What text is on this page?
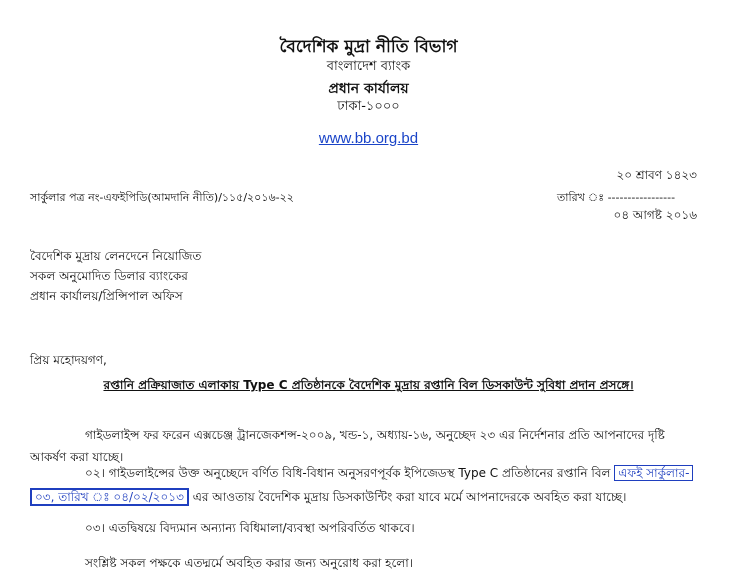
বৈদেশিক মুদ্রা নীতি বিভাগ
বাংলাদেশ ব্যাংক
প্রধান কার্যালয়
ঢাকা-১০০০
www.bb.org.bd
২০ শ্রাবণ ১৪২৩
সার্কুলার পত্র নং-এফইপিডি(আমদানি নীতি)/১১৫/২০১৬-২২	তারিখ ঃ -----------------
০৪ আগষ্ট ২০১৬
বৈদেশিক মুদ্রায় লেনদেনে নিয়োজিত
সকল অনুমোদিত ডিলার ব্যাংকের
প্রধান কার্যালয়/প্রিন্সিপাল অফিস
প্রিয় মহোদয়গণ,
রপ্তানি প্রক্রিয়াজাত এলাকায় Type C প্রতিষ্ঠানকে বৈদেশিক মুদ্রায় রপ্তানি বিল ডিসকাউন্ট সুবিধা প্রদান প্রসঙ্গে।
গাইডলাইন্স ফর ফরেন এক্সচেঞ্জ ট্রানজেকশন্স-২০০৯, খন্ড-১, অধ্যায়-১৬, অনুচ্ছেদ ২৩ এর নির্দেশনার প্রতি আপনাদের দৃষ্টি
আকর্ষণ করা যাচ্ছে।
০২। গাইডলাইন্সের উক্ত অনুচ্ছেদে বর্ণিত বিধি-বিধান অনুসরণপূর্বক ইপিজেডস্থ Type C প্রতিষ্ঠানের রপ্তানি বিল এফই সার্কুলার-
০৩, তারিখ ঃ ০৪/০২/২০১৩ এর আওতায় বৈদেশিক মুদ্রায় ডিসকাউন্টিং করা যাবে মর্মে আপনাদেরকে অবহিত করা যাচ্ছে।
০৩। এতদ্বিষয়ে বিদ্যমান অন্যান্য বিধিমালা/ব্যবস্থা অপরিবর্তিত থাকবে।
সংশ্লিষ্ট সকল পক্ষকে এতদ্মর্মে অবহিত করার জন্য অনুরোধ করা হলো।
